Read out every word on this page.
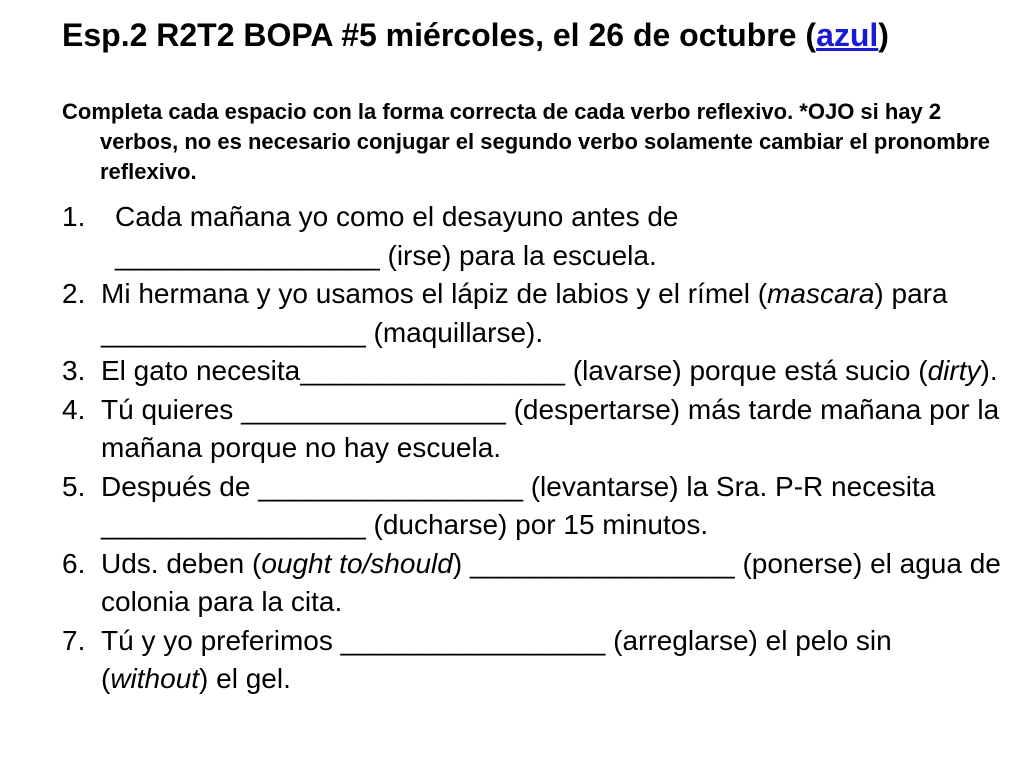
Esp.2 R2T2 BOPA #5 miércoles, el 26 de octubre (azul)
Completa cada espacio con la forma correcta de cada verbo reflexivo. *OJO si hay 2 verbos, no es necesario conjugar el segundo verbo solamente cambiar el pronombre reflexivo.
1. Cada mañana yo como el desayuno antes de
_________________ (irse) para la escuela.
2. Mi hermana y yo usamos el lápiz de labios y el rímel (mascara) para _________________ (maquillarse).
3. El gato necesita_________________ (lavarse) porque está sucio (dirty).
4. Tú quieres _________________ (despertarse) más tarde mañana por la mañana porque no hay escuela.
5. Después de _________________ (levantarse) la Sra. P-R necesita _________________ (ducharse) por 15 minutos.
6. Uds. deben (ought to/should) _________________ (ponerse) el agua de colonia para la cita.
7. Tú y yo preferimos _________________ (arreglarse) el pelo sin (without) el gel.
